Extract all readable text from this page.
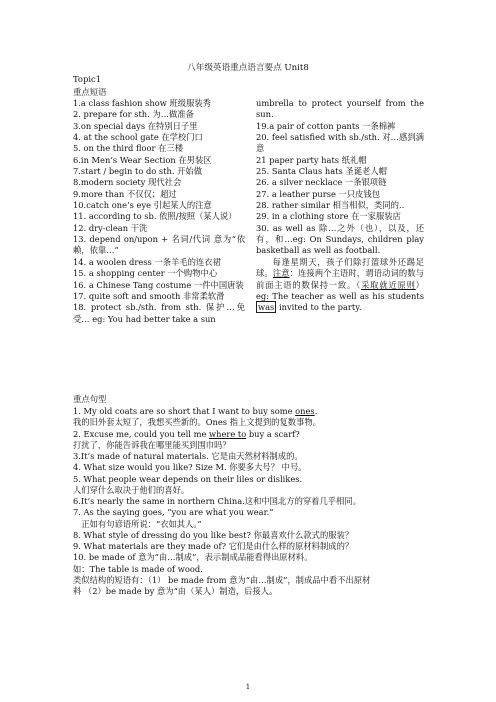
八年级英语重点语言要点 Unit8
Topic1
重点短语
1.a class fashion show 班级服装秀
2. prepare for sth. 为…做准备
3.on special days 在特别日子里
4. at the school gate 在学校门口
5. on the third floor 在三楼
6.in Men’s Wear Section 在男装区
7.start / begin to do sth. 开始做
8.modern society 现代社会
9.more than 不仅仅；超过
10.catch one’s eye 引起某人的注意
11. according to sb. 依照/按照（某人说）
12. dry-clean 干洗
13. depend on/upon + 名词/代词 意为“依赖，依靠…”
14. a woolen dress 一条羊毛的连衣裙
15. a shopping center 一个购物中心
16. a Chinese Tang costume 一件中国唐装
17. quite soft and smooth 非常柔软滑
18. protect sb./sth. from sth. 保护…免受… eg: You had better take a sun
umbrella to protect yourself from the sun.
19.a pair of cotton pants 一条棉裤
20. feel satisfied with sb./sth. 对…感到满意
21 paper party hats 纸礼帽
25. Santa Claus hats 圣诞老人帽
26. a silver necklace 一条银项链
27. a leather purse 一只皮钱包
28. rather similar 相当相似，类同的..
29. in a clothing store 在一家服装店
30. as well as 除…之外（也），以及，还有，和…eg: On Sundays, children play basketball as well as football.
每逢星期天，孩子们除打篮球外还踢足球。注意：连接两个主语时，谓语动词的数与前面主语的数保持一致。（采取就近原则） eg: The teacher as well as his students was invited to the party.
重点句型
1. My old coats are so short that I want to buy some ones.
我的旧外套太短了，我想买些新的。Ones 指上文提到的复数事物。
2. Excuse me, could you tell me where to buy a scarf?
打扰了，你能告诉我在哪里能买到围巾吗？
3.It’s made of natural materials. 它是由天然材料制成的。
4. What size would you like? Size M. 你要多大号？ 中号。
5. What people wear depends on their liles or dislikes.
人们穿什么取决于他们的喜好。
6.It’s nearly the same in northern China.这和中国北方的穿着几乎相同。
7. As the saying goes, “you are what you wear.”
正如有句谚语所说：“衣如其人。”
8. What style of dressing do you like best? 你最喜欢什么款式的服装？
9. What materials are they made of? 它们是由什么样的原材料制成的？
10. be made of 意为“由…制成”，表示制成品能看得出原材料。
如：The table is made of wood.
类似结构的短语有：（1） be made from 意为“由…制成”，制成品中看不出原材
料 （2）be made by 意为“由（某人）制造，后接人。
1
